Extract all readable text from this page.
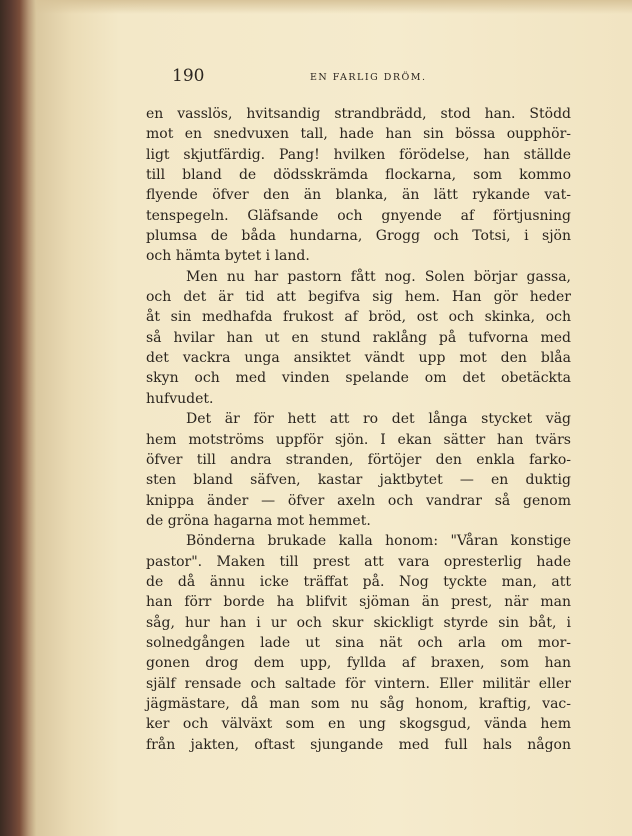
190	EN FARLIG DRÖM.
en vasslös, hvitsandig strandbrädd, stod han. Stödd
mot en snedvuxen tall, hade han sin bössa oupphör-
ligt skjutfärdig. Pang! hvilken förödelse, han ställde
till bland de dödsskrämda flockarna, som kommo
flyende öfver den än blanka, än lätt rykande vat-
tenspegeln. Gläfsande och gnyende af förtjusning
plumsa de båda hundarna, Grogg och Totsi, i sjön
och hämta bytet i land.
Men nu har pastorn fått nog. Solen börjar gassa,
och det är tid att begifva sig hem. Han gör heder
åt sin medhafda frukost af bröd, ost och skinka, och
så hvilar han ut en stund raklång på tufvorna med
det vackra unga ansiktet vändt upp mot den blåa
skyn och med vinden spelande om det obetäckta
hufvudet.
Det är för hett att ro det långa stycket väg
hem motströms uppför sjön. I ekan sätter han tvärs
öfver till andra stranden, förtöjer den enkla farko-
sten bland säfven, kastar jaktbytet — en duktig
knippa änder — öfver axeln och vandrar så genom
de gröna hagarna mot hemmet.
Bönderna brukade kalla honom: "Våran konstige
pastor". Maken till prest att vara opresterlig hade
de då ännu icke träffat på. Nog tyckte man, att
han förr borde ha blifvit sjöman än prest, när man
såg, hur han i ur och skur skickligt styrde sin båt, i
solnedgången lade ut sina nät och arla om mor-
gonen drog dem upp, fyllda af braxen, som han
själf rensade och saltade för vintern. Eller militär eller
jägmästare, då man som nu såg honom, kraftig, vac-
ker och välväxt som en ung skogsgud, vända hem
från jakten, oftast sjungande med full hals någon
